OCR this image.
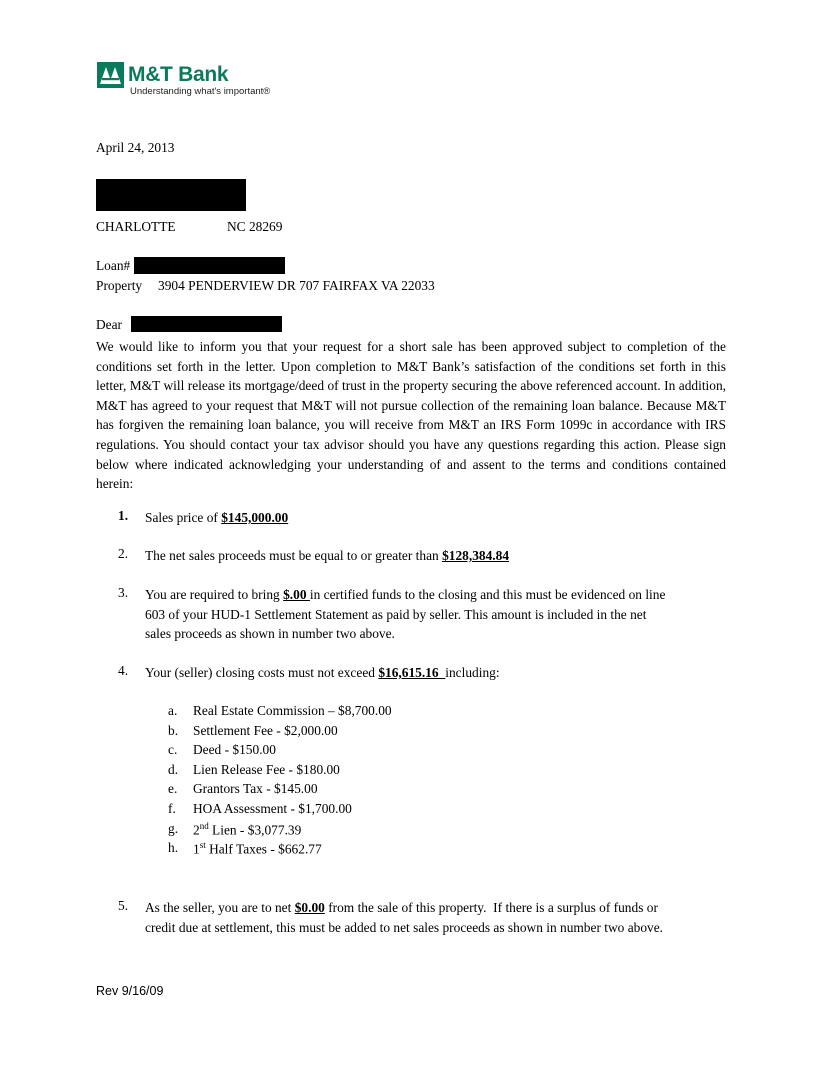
M&T Bank
Understanding what's important®
April 24, 2013
CHARLOTTE	NC 28269
Loan#
Property 3904 PENDERVIEW DR 707 FAIRFAX VA 22033
Dear
We would like to inform you that your request for a short sale has been approved subject to completion of the conditions set forth in the letter. Upon completion to M&T Bank’s satisfaction of the conditions set forth in this letter, M&T will release its mortgage/deed of trust in the property securing the above referenced account. In addition, M&T has agreed to your request that M&T will not pursue collection of the remaining loan balance. Because M&T has forgiven the remaining loan balance, you will receive from M&T an IRS Form 1099c in accordance with IRS regulations. You should contact your tax advisor should you have any questions regarding this action. Please sign below where indicated acknowledging your understanding of and assent to the terms and conditions contained herein:
1. Sales price of $145,000.00
2. The net sales proceeds must be equal to or greater than $128,384.84
3. You are required to bring $.00 in certified funds to the closing and this must be evidenced on line
603 of your HUD-1 Settlement Statement as paid by seller. This amount is included in the net
sales proceeds as shown in number two above.
4. Your (seller) closing costs must not exceed $16,615.16  including:
a. Real Estate Commission – $8,700.00
b. Settlement Fee - $2,000.00
c. Deed - $150.00
d. Lien Release Fee - $180.00
e. Grantors Tax - $145.00
f. HOA Assessment - $1,700.00
g. 2nd Lien - $3,077.39
h. 1st Half Taxes - $662.77
5. As the seller, you are to net $0.00 from the sale of this property.  If there is a surplus of funds or
credit due at settlement, this must be added to net sales proceeds as shown in number two above.
Rev 9/16/09
